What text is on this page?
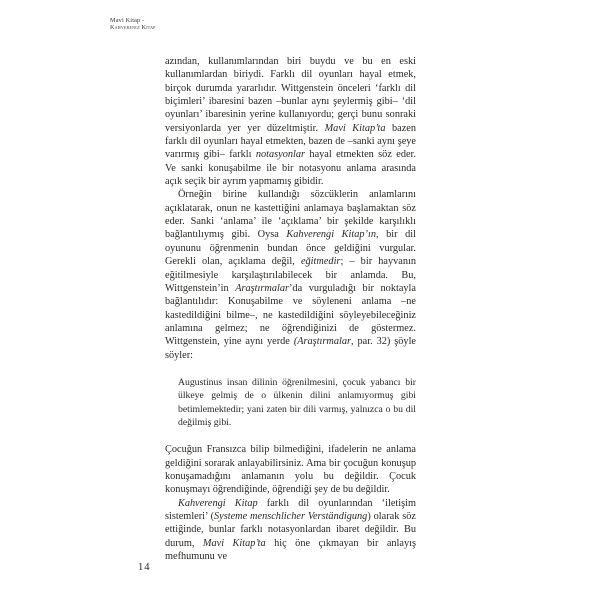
Mavi Kitap -
Kahverengi Kitap

azından, kullanımlarından biri buydu ve bu en eski kullanımlardan biriydi. Farklı dil oyunları hayal etmek, birçok durumda yararlıdır. Wittgenstein önceleri ‘farklı dil biçimleri’ ibaresini bazen –bunlar aynı şeylermiş gibi– ‘dil oyunları’ ibaresinin yerine kullanıyordu; gerçi bunu sonraki versiyonlarda yer yer düzeltmiştir. Mavi Kitap’ta bazen farklı dil oyunları hayal etmekten, bazen de –sanki aynı şeye varırmış gibi– farklı notasyonlar hayal etmekten söz eder. Ve sanki konuşabilme ile bir notasyonu anlama arasında açık seçik bir ayrım yapmamış gibidir.

Örneğin birine kullandığı sözcüklerin anlamlarını açıklatarak, onun ne kastettiğini anlamaya başlamaktan söz eder. Sanki ‘anlama’ ile ‘açıklama’ bir şekilde karşılıklı bağlantılıymış gibi. Oysa Kahverengi Kitap’ın, bir dil oyununu öğrenmenin bundan önce geldiğini vurgular. Gerekli olan, açıklama değil, eğitmedir; – bir hayvanın eğitilmesiyle karşılaştırılabilecek bir anlamda. Bu, Wittgenstein’in Araştırmalar’da vurguladığı bir noktayla bağlantılıdır: Konuşabilme ve söyleneni anlama –ne kastedildiğini bilme–, ne kastedildiğini söyleyebileceğiniz anlamına gelmez; ne öğrendiğinizi de göstermez. Wittgenstein, yine aynı yerde (Araştırmalar, par. 32) şöyle söyler:

Augustinus insan dilinin öğrenilmesini, çocuk yabancı bir ülkeye gelmiş de o ülkenin dilini anlamıyormuş gibi betimlemektedir; yani zaten bir dili varmış, yalnızca o bu dil değilmiş gibi.

Çocuğun Fransızca bilip bilmediğini, ifadelerin ne anlama geldiğini sorarak anlayabilirsiniz. Ama bir çocuğun konuşup konuşamadığını anlamanın yolu bu değildir. Çocuk konuşmayı öğrendiğinde, öğrendiği şey de bu değildir.

Kahverengi Kitap farklı dil oyunlarından ‘iletişim sistemleri’ (Systeme menschlicher Verständigung) olarak söz ettiğinde, bunlar farklı notasyonlardan ibaret değildir. Bu durum, Mavi Kitap’ta hiç öne çıkmayan bir anlayış mefhumunu ve

14
